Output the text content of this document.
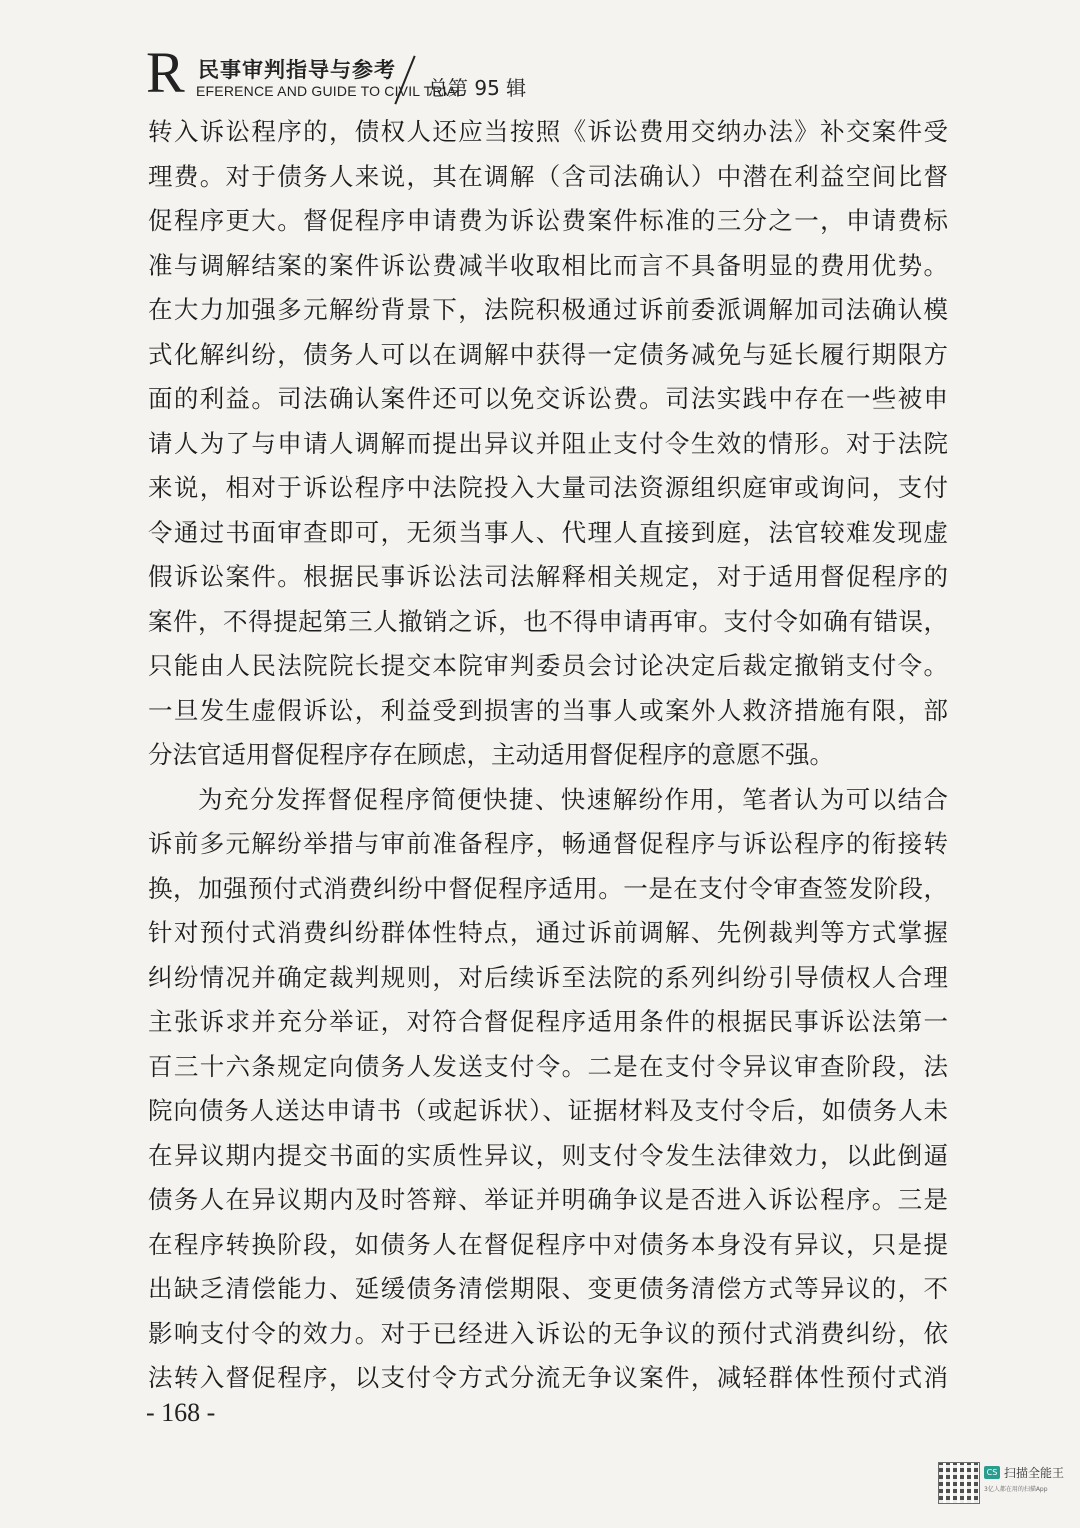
R 民事审判指导与参考
EFERENCE AND GUIDE TO CIVIL TRIAL
总第 95 辑
转入诉讼程序的，债权人还应当按照《诉讼费用交纳办法》补交案件受
理费。对于债务人来说，其在调解（含司法确认）中潜在利益空间比督
促程序更大。督促程序申请费为诉讼费案件标准的三分之一，申请费标
准与调解结案的案件诉讼费减半收取相比而言不具备明显的费用优势。
在大力加强多元解纷背景下，法院积极通过诉前委派调解加司法确认模
式化解纠纷，债务人可以在调解中获得一定债务减免与延长履行期限方
面的利益。司法确认案件还可以免交诉讼费。司法实践中存在一些被申
请人为了与申请人调解而提出异议并阻止支付令生效的情形。对于法院
来说，相对于诉讼程序中法院投入大量司法资源组织庭审或询问，支付
令通过书面审查即可，无须当事人、代理人直接到庭，法官较难发现虚
假诉讼案件。根据民事诉讼法司法解释相关规定，对于适用督促程序的
案件，不得提起第三人撤销之诉，也不得申请再审。支付令如确有错误，
只能由人民法院院长提交本院审判委员会讨论决定后裁定撤销支付令。
一旦发生虚假诉讼，利益受到损害的当事人或案外人救济措施有限，部
分法官适用督促程序存在顾虑，主动适用督促程序的意愿不强。
为充分发挥督促程序简便快捷、快速解纷作用，笔者认为可以结合
诉前多元解纷举措与审前准备程序，畅通督促程序与诉讼程序的衔接转
换，加强预付式消费纠纷中督促程序适用。一是在支付令审查签发阶段，
针对预付式消费纠纷群体性特点，通过诉前调解、先例裁判等方式掌握
纠纷情况并确定裁判规则，对后续诉至法院的系列纠纷引导债权人合理
主张诉求并充分举证，对符合督促程序适用条件的根据民事诉讼法第一
百三十六条规定向债务人发送支付令。二是在支付令异议审查阶段，法
院向债务人送达申请书（或起诉状）、证据材料及支付令后，如债务人未
在异议期内提交书面的实质性异议，则支付令发生法律效力，以此倒逼
债务人在异议期内及时答辩、举证并明确争议是否进入诉讼程序。三是
在程序转换阶段，如债务人在督促程序中对债务本身没有异议，只是提
出缺乏清偿能力、延缓债务清偿期限、变更债务清偿方式等异议的，不
影响支付令的效力。对于已经进入诉讼的无争议的预付式消费纠纷，依
法转入督促程序，以支付令方式分流无争议案件，减轻群体性预付式消
- 168 -
CS 扫描全能王
3亿人都在用的扫描App
